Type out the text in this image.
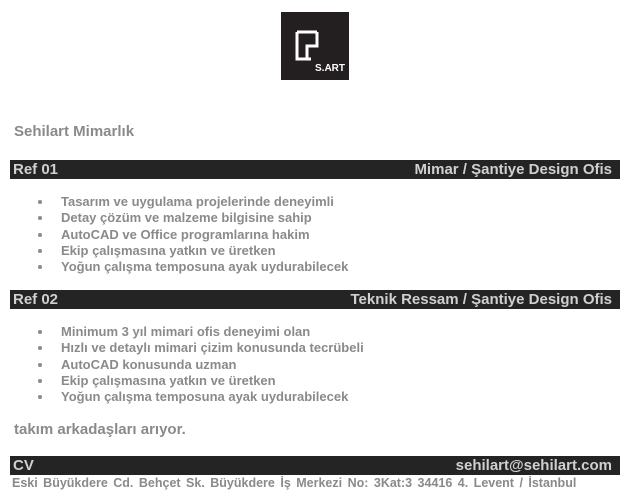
S.ART
Sehilart Mimarlık
Ref 01	Mimar / Şantiye Design Ofis
Tasarım ve uygulama projelerinde deneyimli
Detay çözüm ve malzeme bilgisine sahip
AutoCAD ve Office programlarına hakim
Ekip çalışmasına yatkın ve üretken
Yoğun çalışma temposuna ayak uydurabilecek
Ref 02	Teknik Ressam / Şantiye Design Ofis
Minimum 3 yıl mimari ofis deneyimi olan
Hızlı ve detaylı mimari çizim konusunda tecrübeli
AutoCAD konusunda uzman
Ekip çalışmasına yatkın ve üretken
Yoğun çalışma temposuna ayak uydurabilecek
takım arkadaşları arıyor.
CV	sehilart@sehilart.com
Eski Büyükdere Cd. Behçet Sk. Büyükdere İş Merkezi No: 3Kat:3 34416 4. Levent / İstanbul
